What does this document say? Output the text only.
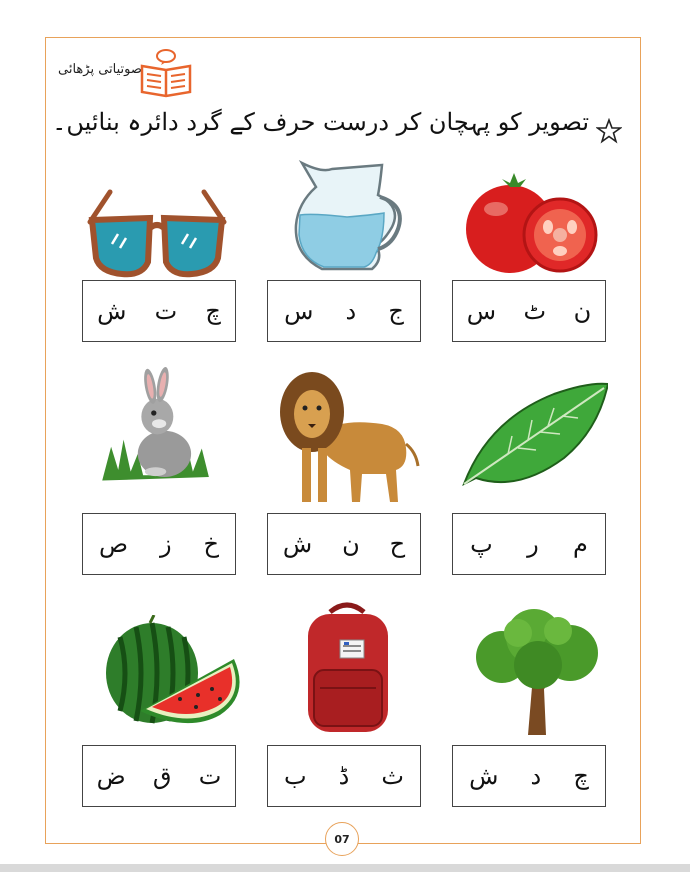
صوتیاتی پڑھائی
تصویر کو پہچان کر درست حرف کے گرد دائرہ بنائیں۔
چ
ت
ش	ج
د
س	ن
ٹ
س
خ
ز
ص	ح
ن
ش	م
ر
پ
ت
ق
ض	ث
ڈ
ب	چ
د
ش
07
